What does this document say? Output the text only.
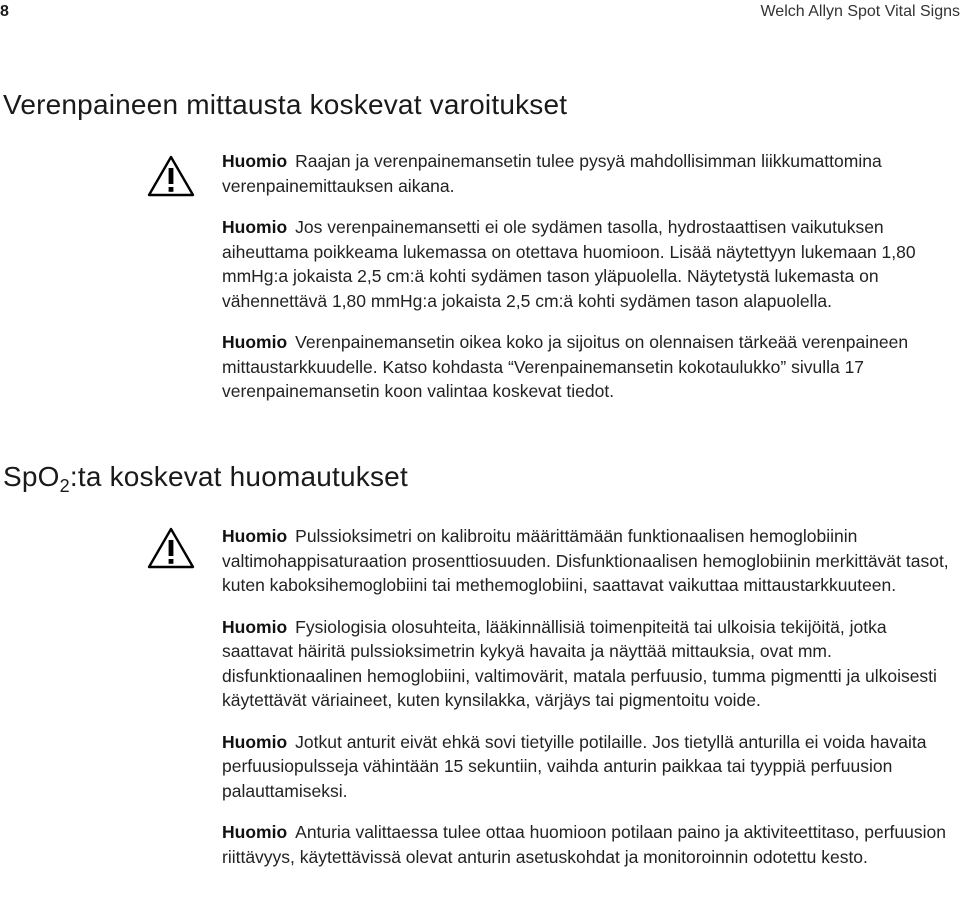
8	Welch Allyn Spot Vital Signs
Verenpaineen mittausta koskevat varoitukset

Huomio Raajan ja verenpainemansetin tulee pysyä mahdollisimman liikkumattomina verenpainemittauksen aikana.

Huomio Jos verenpainemansetti ei ole sydämen tasolla, hydrostaattisen vaikutuksen aiheuttama poikkeama lukemassa on otettava huomioon. Lisää näytettyyn lukemaan 1,80 mmHg:a jokaista 2,5 cm:ä kohti sydämen tason yläpuolella. Näytetystä lukemasta on vähennettävä 1,80 mmHg:a jokaista 2,5 cm:ä kohti sydämen tason alapuolella.

Huomio Verenpainemansetin oikea koko ja sijoitus on olennaisen tärkeää verenpaineen mittaustarkkuudelle. Katso kohdasta “Verenpainemansetin kokotaulukko” sivulla 17 verenpainemansetin koon valintaa koskevat tiedot.

SpO$_2$:ta koskevat huomautukset

Huomio Pulssioksimetri on kalibroitu määrittämään funktionaalisen hemoglobiinin valtimohappisaturaation prosenttiosuuden. Disfunktionaalisen hemoglobiinin merkittävät tasot, kuten kaboksihemoglobiini tai methemoglobiini, saattavat vaikuttaa mittaustarkkuuteen.

Huomio Fysiologisia olosuhteita, lääkinnällisiä toimenpiteitä tai ulkoisia tekijöitä, jotka saattavat häiritä pulssioksimetrin kykyä havaita ja näyttää mittauksia, ovat mm. disfunktionaalinen hemoglobiini, valtimovärit, matala perfuusio, tumma pigmentti ja ulkoisesti käytettävät väriaineet, kuten kynsilakka, värjäys tai pigmentoitu voide.

Huomio Jotkut anturit eivät ehkä sovi tietyille potilaille. Jos tietyllä anturilla ei voida havaita perfuusiopulsseja vähintään 15 sekuntiin, vaihda anturin paikkaa tai tyyppiä perfuusion palauttamiseksi.

Huomio Anturia valittaessa tulee ottaa huomioon potilaan paino ja aktiviteettitaso, perfuusion riittävyys, käytettävissä olevat anturin asetuskohdat ja monitoroinnin odotettu kesto.
